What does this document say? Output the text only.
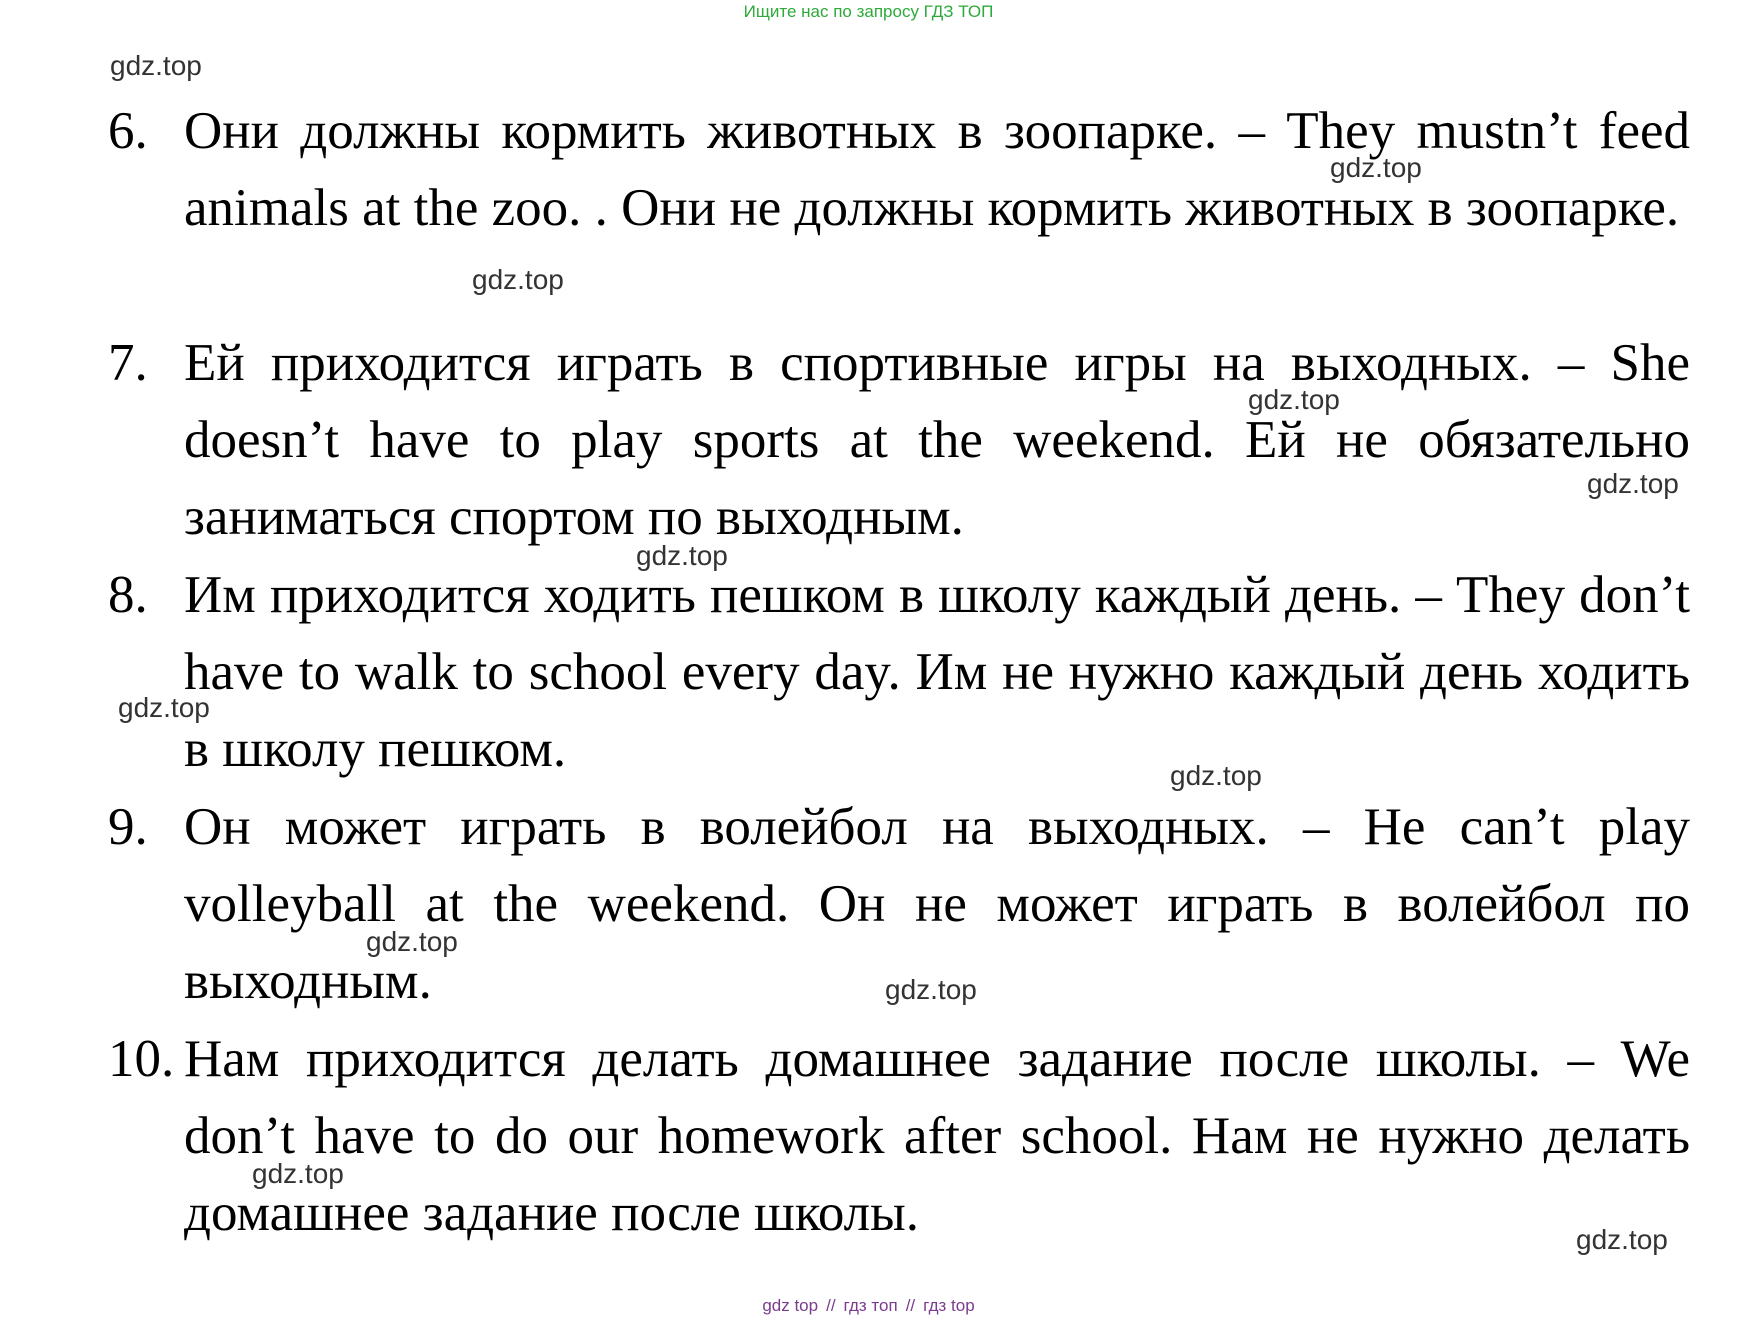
Ищите нас по запросу ГДЗ ТОП
gdz.top
gdz.top
gdz.top
gdz.top
gdz.top
gdz.top
gdz.top
gdz.top
gdz.top
gdz.top
gdz.top
gdz.top
6. Они должны кормить животных в зоопарке. – They mustn’t feed animals at the zoo. . Они не должны кормить животных в зоопарке.
7. Ей приходится играть в спортивные игры на выходных. – She doesn’t have to play sports at the weekend. Ей не обязательно заниматься спортом по выходным.
8. Им приходится ходить пешком в школу каждый день. – They don’t have to walk to school every day. Им не нужно каждый день ходить в школу пешком.
9. Он может играть в волейбол на выходных. – He can’t play volleyball at the weekend. Он не может играть в волейбол по выходным.
10. Нам приходится делать домашнее задание после школы. – We don’t have to do our homework after school. Нам не нужно делать домашнее задание после школы.
gdz top // гдз топ // гдз top
